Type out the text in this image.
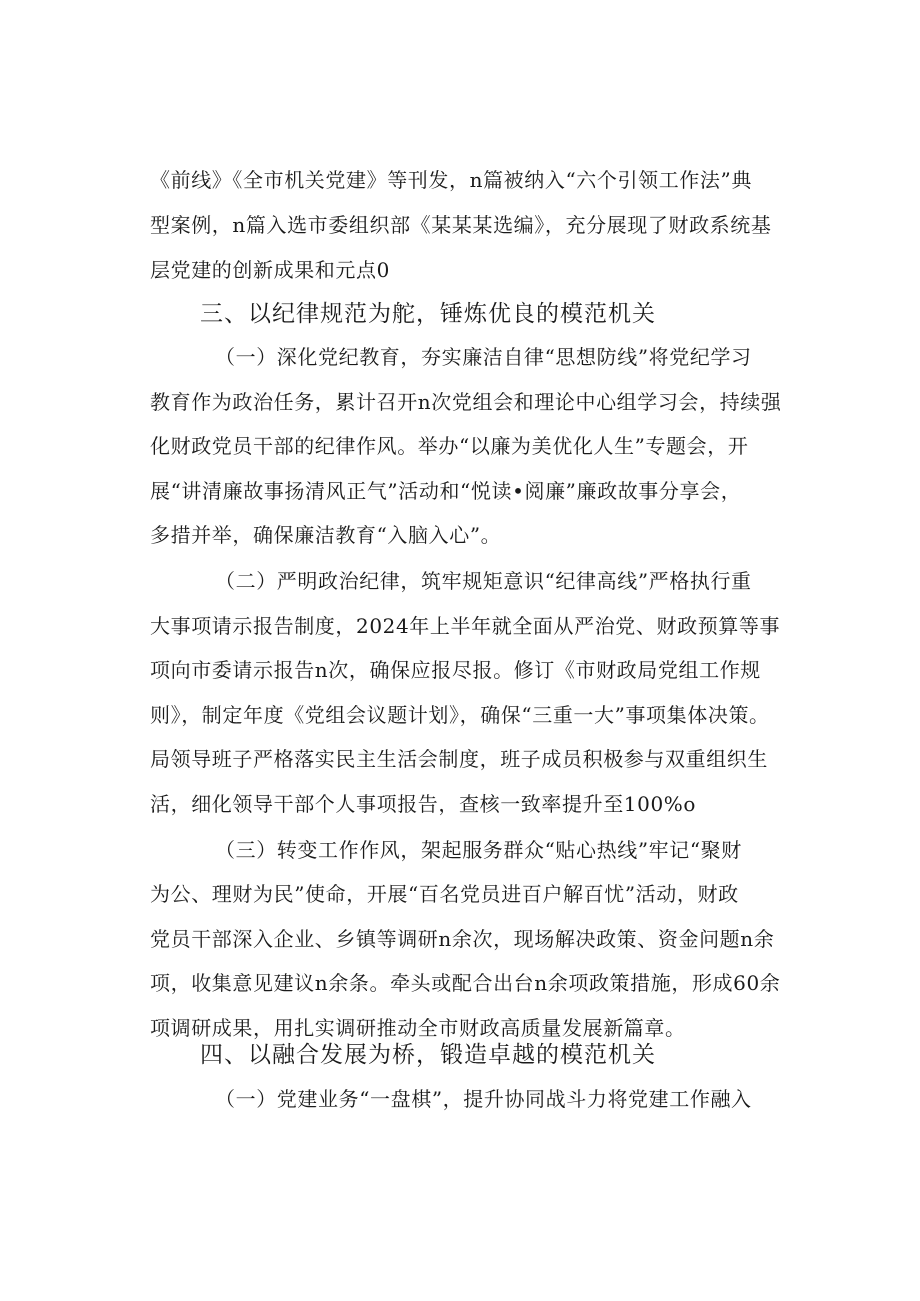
《前线》《全市机关党建》等刊发，n篇被纳入“六个引领工作法”典
型案例，n篇入选市委组织部《某某某选编》，充分展现了财政系统基
层党建的创新成果和元点0
三、以纪律规范为舵，锤炼优良的模范机关
（一）深化党纪教育，夯实廉洁自律“思想防线”将党纪学习
教育作为政治任务，累计召开n次党组会和理论中心组学习会，持续强
化财政党员干部的纪律作风。举办“以廉为美优化人生”专题会，开
展“讲清廉故事扬清风正气”活动和“悦读•阅廉”廉政故事分享会，
多措并举，确保廉洁教育“入脑入心”。
（二）严明政治纪律，筑牢规矩意识“纪律高线”严格执行重
大事项请示报告制度，2024年上半年就全面从严治党、财政预算等事
项向市委请示报告n次，确保应报尽报。修订《市财政局党组工作规
则》，制定年度《党组会议题计划》，确保“三重一大”事项集体决策。
局领导班子严格落实民主生活会制度，班子成员积极参与双重组织生
活，细化领导干部个人事项报告，查核一致率提升至100%o
（三）转变工作作风，架起服务群众“贴心热线”牢记“聚财
为公、理财为民”使命，开展“百名党员进百户解百忧”活动，财政
党员干部深入企业、乡镇等调研n余次，现场解决政策、资金问题n余
项，收集意见建议n余条。牵头或配合出台n余项政策措施，形成60余
项调研成果，用扎实调研推动全市财政高质量发展新篇章。
四、以融合发展为桥，锻造卓越的模范机关
（一）党建业务“一盘棋”，提升协同战斗力将党建工作融入
